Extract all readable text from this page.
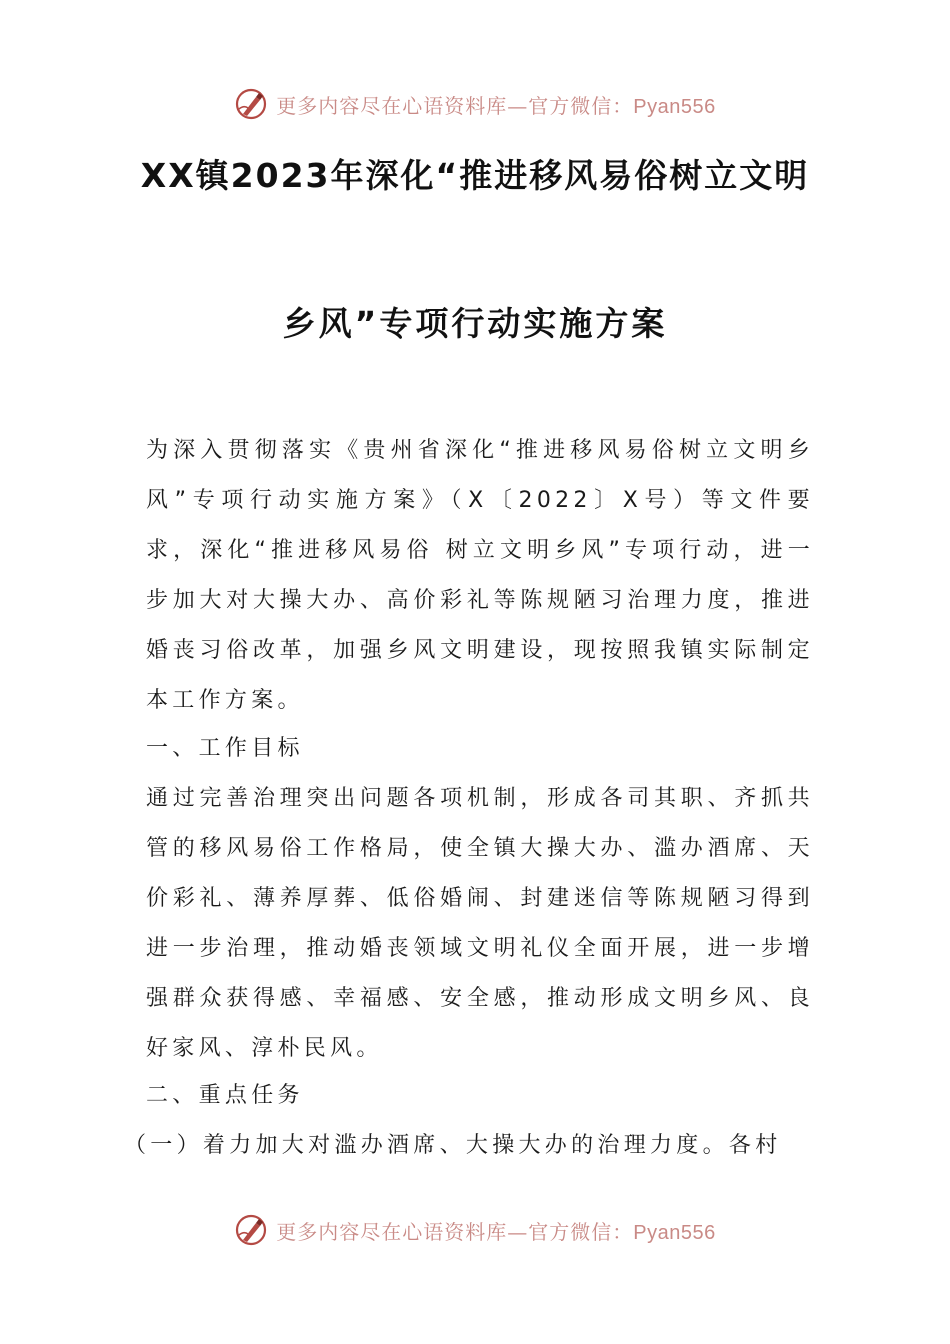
更多内容尽在心语资料库—官方微信：Pyan556
XX镇2023年深化“推进移风易俗树立文明
乡风”专项行动实施方案
为深入贯彻落实《贵州省深化“推进移风易俗树立文明乡风”专项行动实施方案》（X〔2022〕X号）等文件要求，深化“推进移风易俗 树立文明乡风”专项行动，进一步加大对大操大办、高价彩礼等陈规陋习治理力度，推进婚丧习俗改革，加强乡风文明建设，现按照我镇实际制定本工作方案。
一、工作目标
通过完善治理突出问题各项机制，形成各司其职、齐抓共管的移风易俗工作格局，使全镇大操大办、滥办酒席、天价彩礼、薄养厚葬、低俗婚闹、封建迷信等陈规陋习得到进一步治理，推动婚丧领域文明礼仪全面开展，进一步增强群众获得感、幸福感、安全感，推动形成文明乡风、良好家风、淳朴民风。
二、重点任务
（一）着力加大对滥办酒席、大操大办的治理力度。各村
更多内容尽在心语资料库—官方微信：Pyan556
